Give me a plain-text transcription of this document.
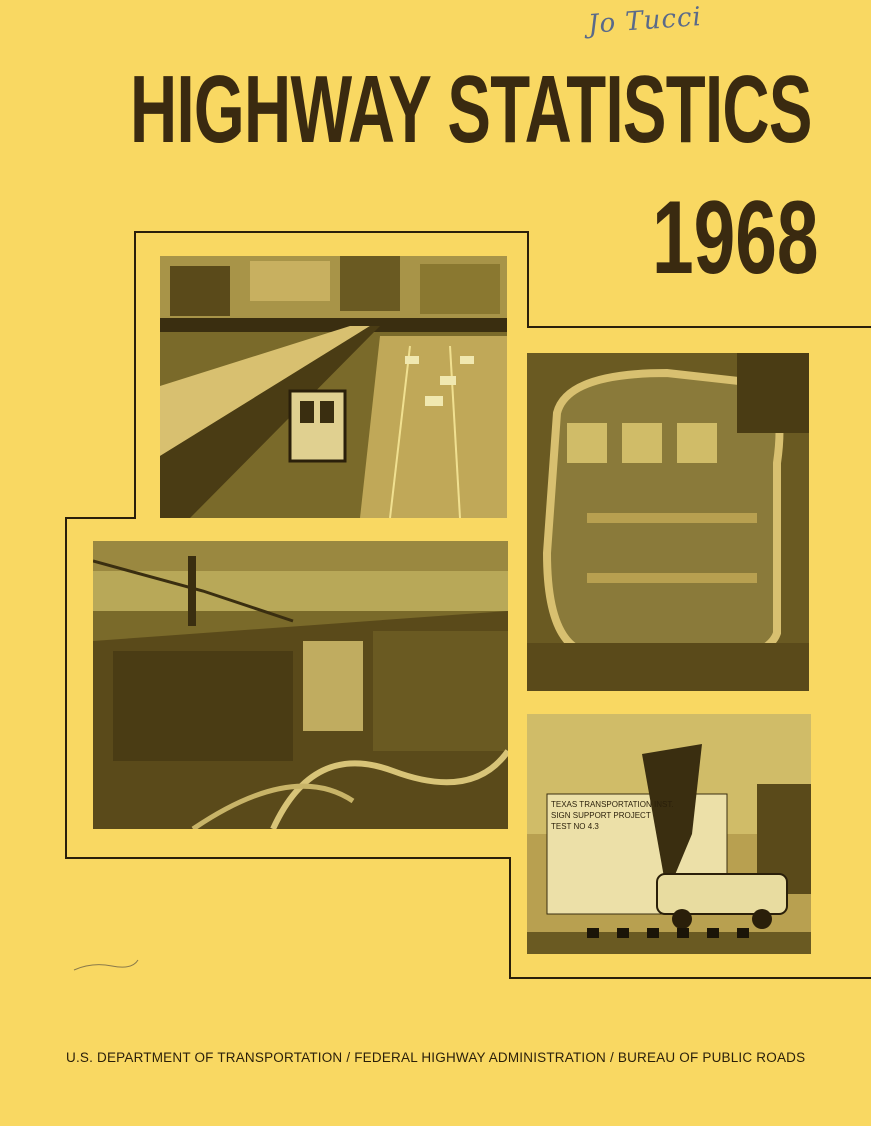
Jo Tucci
HIGHWAY STATISTICS
1968
TEXAS TRANSPORTATION INST.
SIGN SUPPORT PROJECT
TEST NO 4.3
U.S. DEPARTMENT OF TRANSPORTATION / FEDERAL HIGHWAY ADMINISTRATION / BUREAU OF PUBLIC ROADS
